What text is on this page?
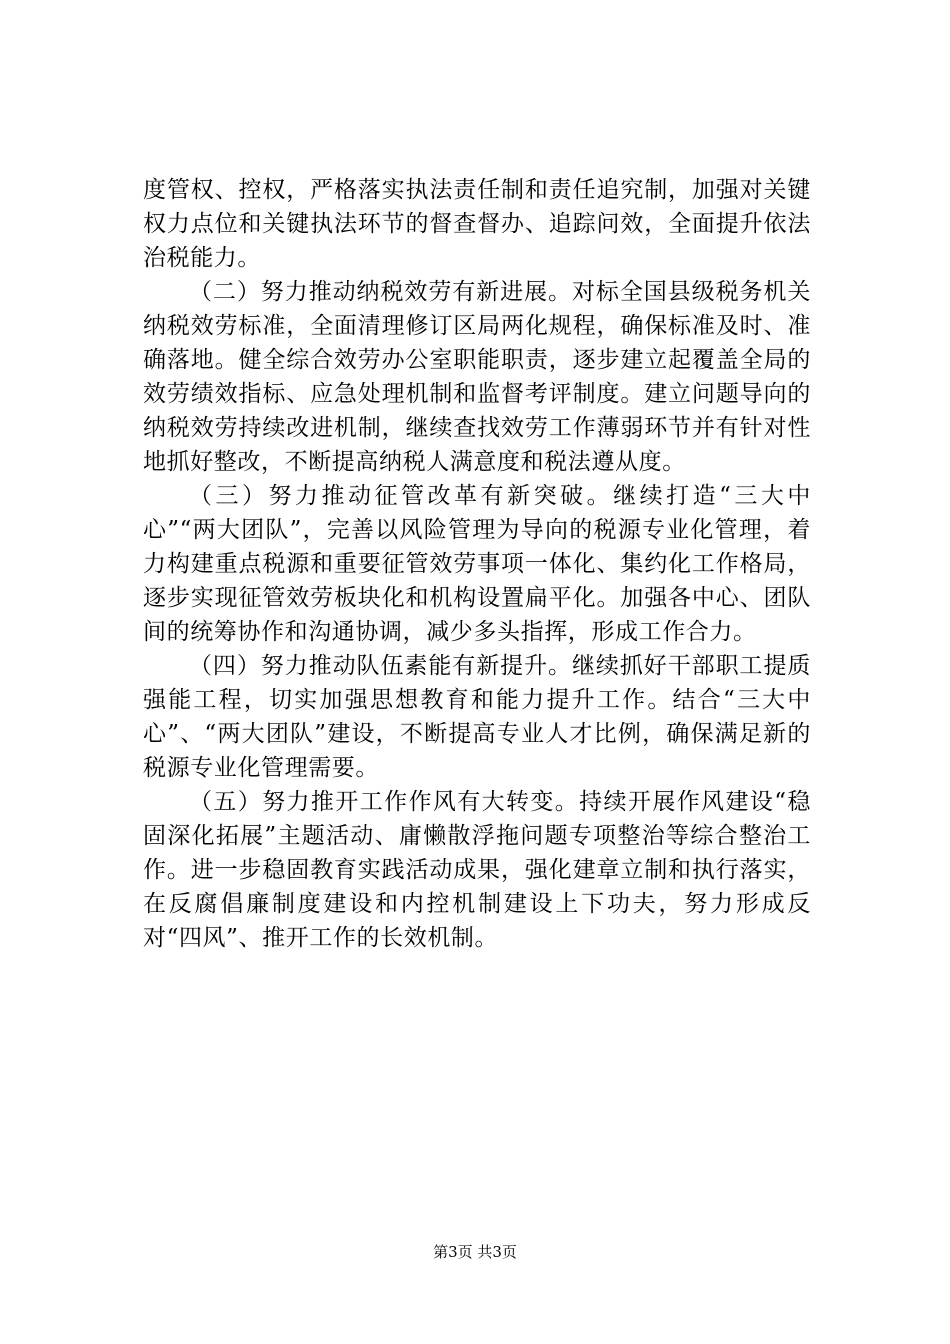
度管权、控权，严格落实执法责任制和责任追究制，加强对关键权力点位和关键执法环节的督查督办、追踪问效，全面提升依法治税能力。

（二）努力推动纳税效劳有新进展。对标全国县级税务机关纳税效劳标准，全面清理修订区局两化规程，确保标准及时、准确落地。健全综合效劳办公室职能职责，逐步建立起覆盖全局的效劳绩效指标、应急处理机制和监督考评制度。建立问题导向的纳税效劳持续改进机制，继续查找效劳工作薄弱环节并有针对性地抓好整改，不断提高纳税人满意度和税法遵从度。

（三）努力推动征管改革有新突破。继续打造“三大中心”“两大团队”，完善以风险管理为导向的税源专业化管理，着力构建重点税源和重要征管效劳事项一体化、集约化工作格局，逐步实现征管效劳板块化和机构设置扁平化。加强各中心、团队间的统筹协作和沟通协调，减少多头指挥，形成工作合力。

（四）努力推动队伍素能有新提升。继续抓好干部职工提质强能工程，切实加强思想教育和能力提升工作。结合“三大中心”、“两大团队”建设，不断提高专业人才比例，确保满足新的税源专业化管理需要。

（五）努力推开工作作风有大转变。持续开展作风建设“稳固深化拓展”主题活动、庸懒散浮拖问题专项整治等综合整治工作。进一步稳固教育实践活动成果，强化建章立制和执行落实，在反腐倡廉制度建设和内控机制建设上下功夫，努力形成反对“四风”、推开工作的长效机制。

第3页 共3页
